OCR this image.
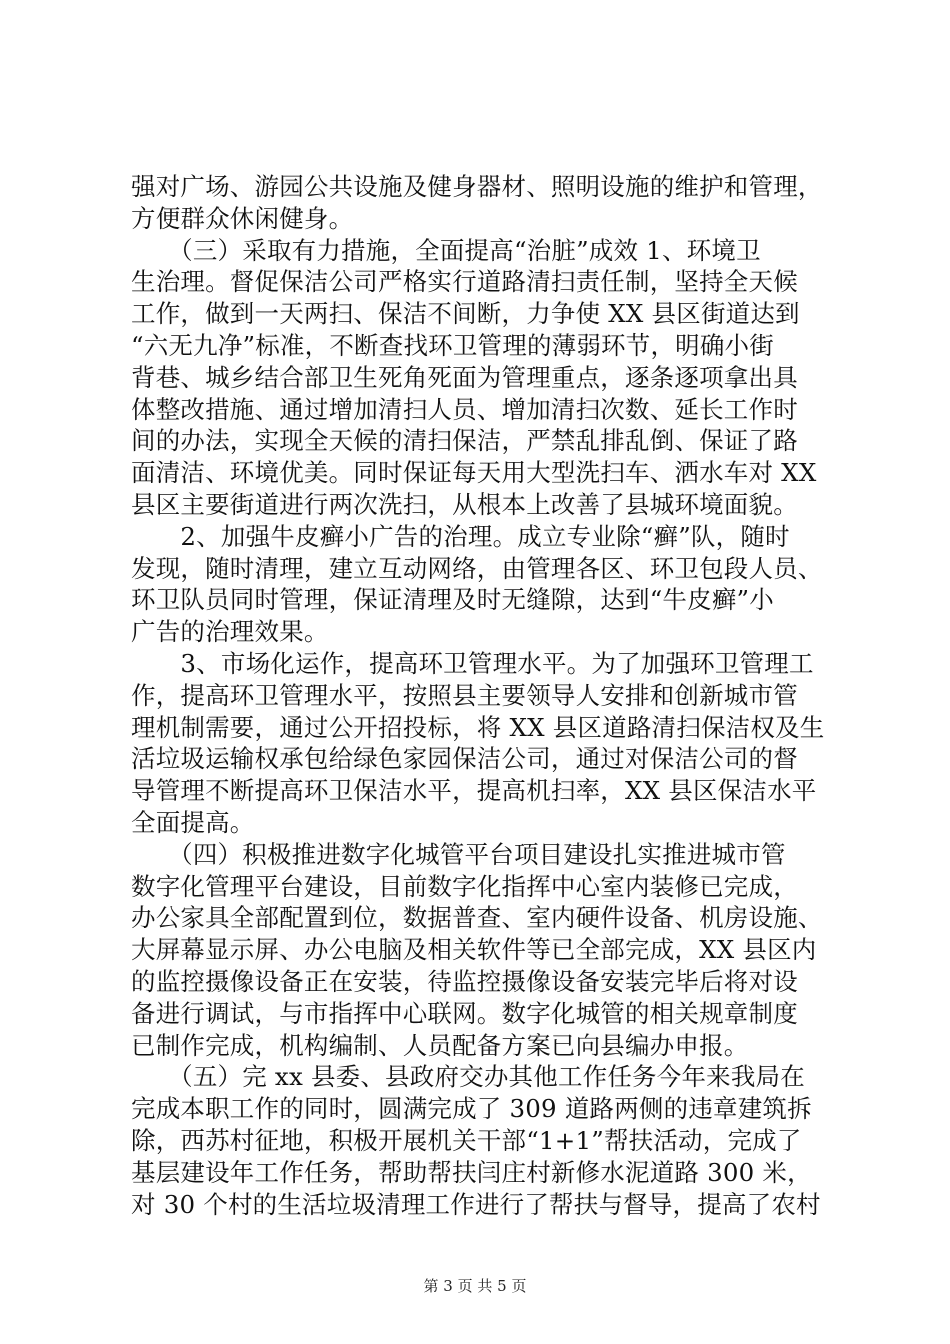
强对广场、游园公共设施及健身器材、照明设施的维护和管理，
方便群众休闲健身。
　　（三）采取有力措施，全面提高“治脏”成效 1、环境卫
生治理。督促保洁公司严格实行道路清扫责任制，坚持全天候
工作，做到一天两扫、保洁不间断，力争使 XX 县区街道达到
“六无九净”标准，不断查找环卫管理的薄弱环节，明确小街
背巷、城乡结合部卫生死角死面为管理重点，逐条逐项拿出具
体整改措施、通过增加清扫人员、增加清扫次数、延长工作时
间的办法，实现全天候的清扫保洁，严禁乱排乱倒、保证了路
面清洁、环境优美。同时保证每天用大型洗扫车、洒水车对 XX
县区主要街道进行两次洗扫，从根本上改善了县城环境面貌。
　　2、加强牛皮癣小广告的治理。成立专业除“癣”队，随时
发现，随时清理，建立互动网络，由管理各区、环卫包段人员、
环卫队员同时管理，保证清理及时无缝隙，达到“牛皮癣”小
广告的治理效果。
　　3、市场化运作，提高环卫管理水平。为了加强环卫管理工
作，提高环卫管理水平，按照县主要领导人安排和创新城市管
理机制需要，通过公开招投标，将 XX 县区道路清扫保洁权及生
活垃圾运输权承包给绿色家园保洁公司，通过对保洁公司的督
导管理不断提高环卫保洁水平，提高机扫率，XX 县区保洁水平
全面提高。
　　（四）积极推进数字化城管平台项目建设扎实推进城市管
数字化管理平台建设，目前数字化指挥中心室内装修已完成，
办公家具全部配置到位，数据普查、室内硬件设备、机房设施、
大屏幕显示屏、办公电脑及相关软件等已全部完成，XX 县区内
的监控摄像设备正在安装，待监控摄像设备安装完毕后将对设
备进行调试，与市指挥中心联网。数字化城管的相关规章制度
已制作完成，机构编制、人员配备方案已向县编办申报。
　　（五）完 xx 县委、县政府交办其他工作任务今年来我局在
完成本职工作的同时，圆满完成了 309 道路两侧的违章建筑拆
除，西苏村征地，积极开展机关干部“1+1”帮扶活动，完成了
基层建设年工作任务，帮助帮扶闫庄村新修水泥道路 300 米，
对 30 个村的生活垃圾清理工作进行了帮扶与督导，提高了农村
第 3 页 共 5 页
